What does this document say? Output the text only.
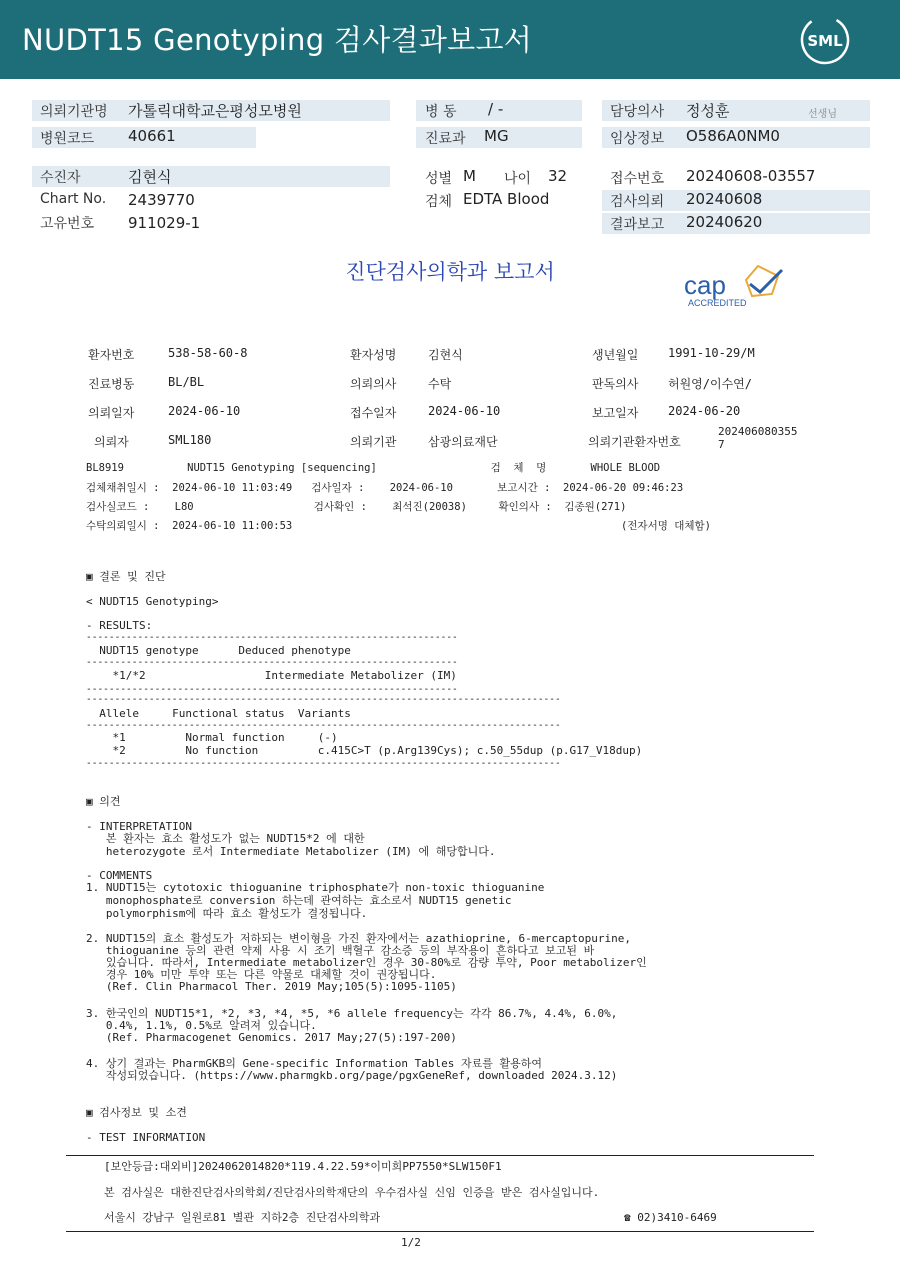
NUDT15 Genotyping 검사결과보고서	SML
의뢰기관명 가톨릭대학교은평성모병원
병원코드 40661
병 동 / -
진료과 MG
담당의사 정성훈	선생님
임상정보 O586A0NM0
수진자	김현식
Chart No. 2439770
고유번호 911029-1
성별 M 나이 32
검체 EDTA Blood
접수번호 20240608-03557
검사의뢰 20240608
결과보고 20240620
진단검사의학과 보고서	cap
ACCREDITED
환자번호	538-58-60-8	환자성명	김현식	생년월일 1991-10-29/M
진료병동	BL/BL	의뢰의사	수탁	판독의사 허원영/이수연/
의뢰일자	2024-06-10	접수일자	2024-06-10	보고일자 2024-06-20
의뢰자	SML180	의뢰기관	삼광의료재단	의뢰기관환자번호
202406080355 7
BL8919          NUDT15 Genotyping [sequencing]                  검  체  명       WHOLE BLOOD
검체채취일시 :  2024-06-10 11:03:49   검사일자 :    2024-06-10       보고시간 :  2024-06-20 09:46:23
검사실코드 :    L80                   검사확인 :    최석진(20038)     확인의사 :  김종원(271)
수탁의뢰일시 :  2024-06-10 11:00:53                                                    (전자서명 대체함)
▣ 결론 및 진단
< NUDT15 Genotyping>
- RESULTS:
-----------------------------------------------------------------
NUDT15 genotype      Deduced phenotype
-----------------------------------------------------------------
*1/*2                  Intermediate Metabolizer (IM)
-----------------------------------------------------------------
-----------------------------------------------------------------------------------
Allele     Functional status  Variants
-----------------------------------------------------------------------------------
*1         Normal function     (-)
*2         No function         c.415C>T (p.Arg139Cys); c.50_55dup (p.G17_V18dup)
-----------------------------------------------------------------------------------
▣ 의견
- INTERPRETATION
본 환자는 효소 활성도가 없는 NUDT15*2 에 대한
heterozygote 로서 Intermediate Metabolizer (IM) 에 해당합니다.
- COMMENTS
1. NUDT15는 cytotoxic thioguanine triphosphate가 non-toxic thioguanine
monophosphate로 conversion 하는데 관여하는 효소로서 NUDT15 genetic
polymorphism에 따라 효소 활성도가 결정됩니다.
2. NUDT15의 효소 활성도가 저하되는 변이형을 가진 환자에서는 azathioprine, 6-mercaptopurine,
thioguanine 등의 관련 약제 사용 시 조기 백혈구 감소증 등의 부작용이 흔하다고 보고된 바
있습니다. 따라서, Intermediate metabolizer인 경우 30-80%로 감량 투약, Poor metabolizer인
경우 10% 미만 투약 또는 다른 약물로 대체할 것이 권장됩니다.
(Ref. Clin Pharmacol Ther. 2019 May;105(5):1095-1105)
3. 한국인의 NUDT15*1, *2, *3, *4, *5, *6 allele frequency는 각각 86.7%, 4.4%, 6.0%,
0.4%, 1.1%, 0.5%로 알려져 있습니다.
(Ref. Pharmacogenet Genomics. 2017 May;27(5):197-200)
4. 상기 결과는 PharmGKB의 Gene-specific Information Tables 자료를 활용하여
작성되었습니다. (https://www.pharmgkb.org/page/pgxGeneRef, downloaded 2024.3.12)
▣ 검사정보 및 소견
- TEST INFORMATION
[보안등급:대외비]2024062014820*119.4.22.59*이미희PP7550*SLW150F1
본 검사실은 대한진단검사의학회/진단검사의학재단의 우수검사실 신임 인증을 받은 검사실입니다.
서울시 강남구 일원로81 별관 지하2층 진단검사의학과	☎ 02)3410-6469
1/2
